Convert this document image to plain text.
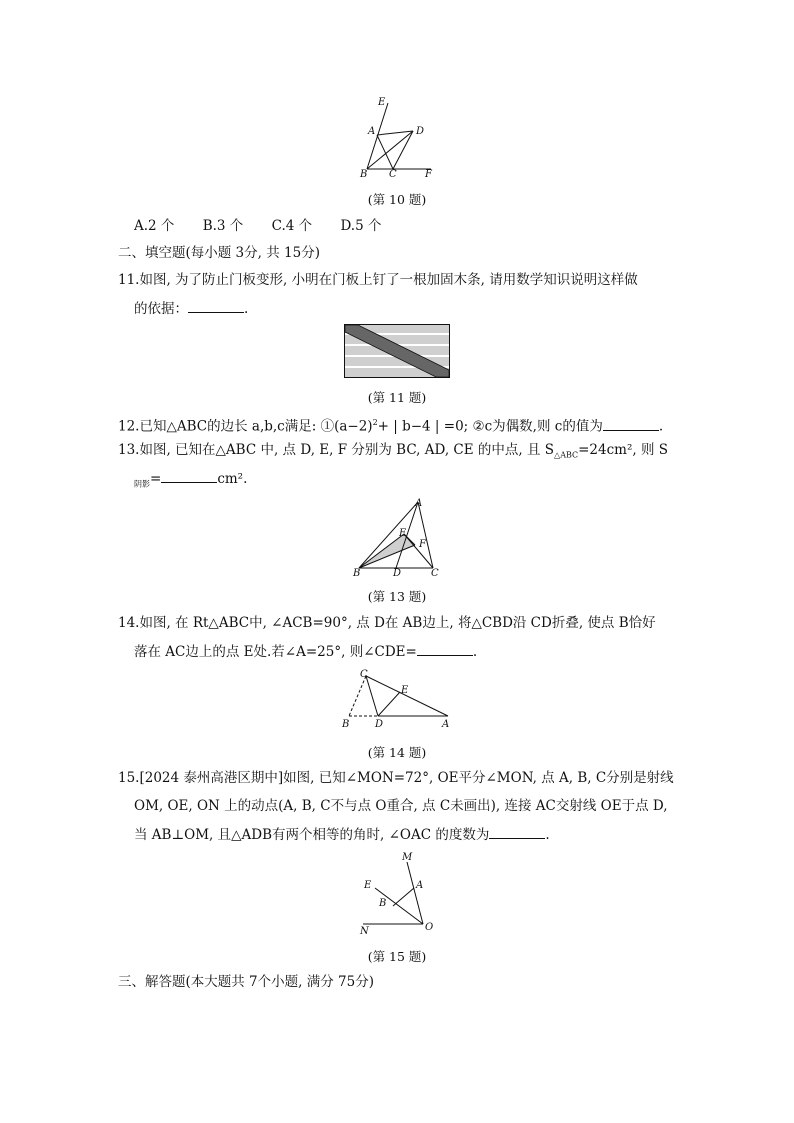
E
A	D
B C	F
(第 10 题)
A.2 个 B.3 个 C.4 个 D.5 个
二、填空题(每小题 3分, 共 15分)
11.如图, 为了防止门板变形, 小明在门板上钉了一根加固木条, 请用数学知识说明这样做
的依据：	.
(第 11 题)
12.已知△ABC的边长 a,b,c满足: $①(a-2)^2+$ | b−4 | =0; ②c为偶数,则 c的值为	.
13.如图, 已知在△ABC 中, 点 D, E, F 分别为 BC, AD, CE 的中点, 且 $S_{\triangle ABC}=24cm^2$, 则 S
$_{阴影}$=	cm².
A
E
F
B	D	C
(第 13 题)
14.如图, 在 Rt△ABC中, ∠ACB=90°, 点 D在 AB边上, 将△CBD沿 CD折叠, 使点 B恰好
落在 AC边上的点 E处.若∠A=25°, 则∠CDE=	.
C
E
B	D	A
(第 14 题)
15.[2024 泰州高港区期中]如图, 已知∠MON=72°, OE平分∠MON, 点 A, B, C分别是射线
OM, OE, ON 上的动点(A, B, C不与点 O重合, 点 C未画出), 连接 AC交射线 OE于点 D,
当 AB⊥OM, 且△ADB有两个相等的角时, ∠OAC 的度数为	.
M
E	A
B
N	O
(第 15 题)
三、解答题(本大题共 7个小题, 满分 75分)
